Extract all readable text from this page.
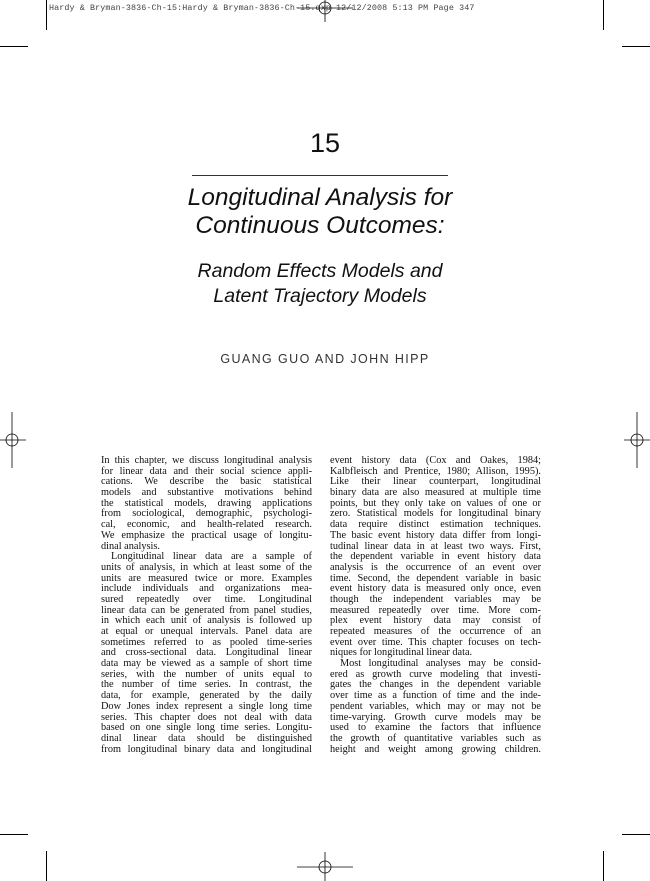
Hardy & Bryman-3836-Ch-15:Hardy & Bryman-3836-Ch-15.qxp 12/12/2008 5:13 PM Page 347
15
Longitudinal Analysis for
Continuous Outcomes:
Random Effects Models and
Latent Trajectory Models
GUANG GUO AND JOHN HIPP
In this chapter, we discuss longitudinal analysis
for linear data and their social science appli-
cations. We describe the basic statistical
models and substantive motivations behind
the statistical models, drawing applications
from sociological, demographic, psychologi-
cal, economic, and health-related research.
We emphasize the practical usage of longitu-
dinal analysis.
Longitudinal linear data are a sample of
units of analysis, in which at least some of the
units are measured twice or more. Examples
include individuals and organizations mea-
sured repeatedly over time. Longitudinal
linear data can be generated from panel studies,
in which each unit of analysis is followed up
at equal or unequal intervals. Panel data are
sometimes referred to as pooled time-series
and cross-sectional data. Longitudinal linear
data may be viewed as a sample of short time
series, with the number of units equal to
the number of time series. In contrast, the
data, for example, generated by the daily
Dow Jones index represent a single long time
series. This chapter does not deal with data
based on one single long time series. Longitu-
dinal linear data should be distinguished
from longitudinal binary data and longitudinal
event history data (Cox and Oakes, 1984;
Kalbfleisch and Prentice, 1980; Allison, 1995).
Like their linear counterpart, longitudinal
binary data are also measured at multiple time
points, but they only take on values of one or
zero. Statistical models for longitudinal binary
data require distinct estimation techniques.
The basic event history data differ from longi-
tudinal linear data in at least two ways. First,
the dependent variable in event history data
analysis is the occurrence of an event over
time. Second, the dependent variable in basic
event history data is measured only once, even
though the independent variables may be
measured repeatedly over time. More com-
plex event history data may consist of
repeated measures of the occurrence of an
event over time. This chapter focuses on tech-
niques for longitudinal linear data.
Most longitudinal analyses may be consid-
ered as growth curve modeling that investi-
gates the changes in the dependent variable
over time as a function of time and the inde-
pendent variables, which may or may not be
time-varying. Growth curve models may be
used to examine the factors that influence
the growth of quantitative variables such as
height and weight among growing children.
